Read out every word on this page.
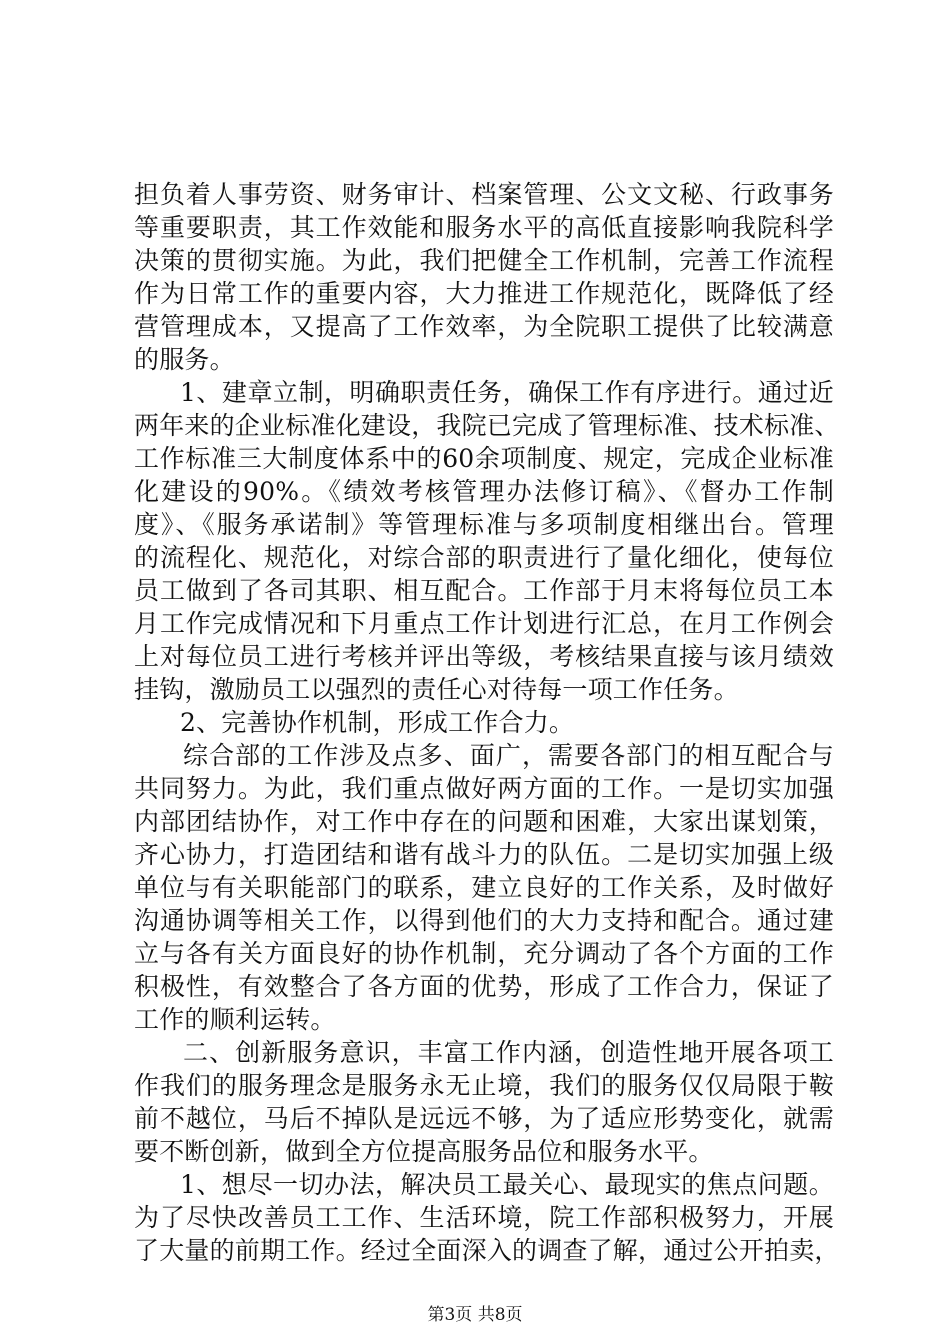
担负着人事劳资、财务审计、档案管理、公文文秘、行政事务
等重要职责，其工作效能和服务水平的高低直接影响我院科学
决策的贯彻实施。为此，我们把健全工作机制，完善工作流程
作为日常工作的重要内容，大力推进工作规范化，既降低了经
营管理成本，又提高了工作效率，为全院职工提供了比较满意
的服务。
1、建章立制，明确职责任务，确保工作有序进行。通过近
两年来的企业标准化建设，我院已完成了管理标准、技术标准、
工作标准三大制度体系中的60余项制度、规定，完成企业标准
化建设的90%。《绩效考核管理办法修订稿》、《督办工作制
度》、《服务承诺制》等管理标准与多项制度相继出台。管理
的流程化、规范化，对综合部的职责进行了量化细化，使每位
员工做到了各司其职、相互配合。工作部于月末将每位员工本
月工作完成情况和下月重点工作计划进行汇总，在月工作例会
上对每位员工进行考核并评出等级，考核结果直接与该月绩效
挂钩，激励员工以强烈的责任心对待每一项工作任务。
2、完善协作机制，形成工作合力。
综合部的工作涉及点多、面广，需要各部门的相互配合与
共同努力。为此，我们重点做好两方面的工作。一是切实加强
内部团结协作，对工作中存在的问题和困难，大家出谋划策，
齐心协力，打造团结和谐有战斗力的队伍。二是切实加强上级
单位与有关职能部门的联系，建立良好的工作关系，及时做好
沟通协调等相关工作，以得到他们的大力支持和配合。通过建
立与各有关方面良好的协作机制，充分调动了各个方面的工作
积极性，有效整合了各方面的优势，形成了工作合力，保证了
工作的顺利运转。
二、创新服务意识，丰富工作内涵，创造性地开展各项工
作我们的服务理念是服务永无止境，我们的服务仅仅局限于鞍
前不越位，马后不掉队是远远不够，为了适应形势变化，就需
要不断创新，做到全方位提高服务品位和服务水平。
1、想尽一切办法，解决员工最关心、最现实的焦点问题。
为了尽快改善员工工作、生活环境，院工作部积极努力，开展
了大量的前期工作。经过全面深入的调查了解，通过公开拍卖，
第3页 共8页
